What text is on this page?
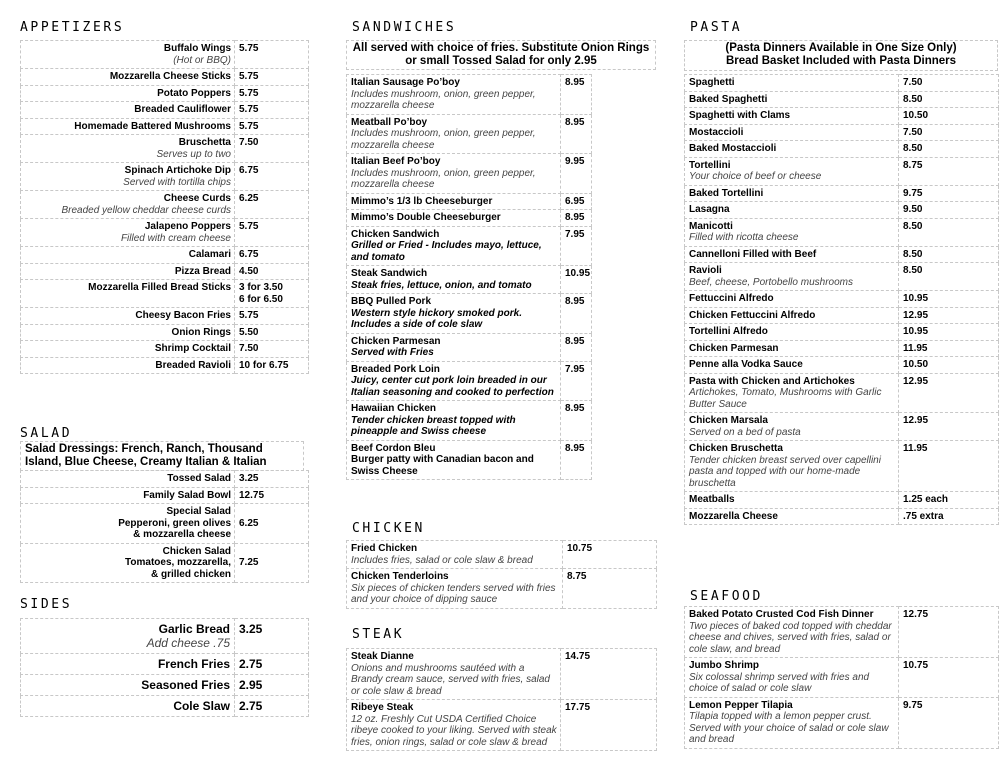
APPETIZERS
Buffalo Wings
(Hot or BBQ)	5.75

Mozzarella Cheese Sticks	5.75

Potato Poppers	5.75

Breaded Cauliflower	5.75

Homemade Battered Mushrooms	5.75

Bruschetta
Serves up to two	7.50

Spinach Artichoke Dip
Served with tortilla chips	6.75

Cheese Curds
Breaded yellow cheddar cheese curds	6.25

Jalapeno Poppers
Filled with cream cheese	5.75

Calamari	6.75

Pizza Bread	4.50

Mozzarella Filled Bread Sticks	3 for 3.50
6 for 6.50

Cheesy Bacon Fries	5.75

Onion Rings	5.50

Shrimp Cocktail	7.50

Breaded Ravioli	10 for 6.75
SALAD
Salad Dressings: French, Ranch, Thousand Island, Blue Cheese, Creamy Italian & Italian
Tossed Salad	3.25

Family Salad Bowl	12.75

Special Salad
Pepperoni, green olives
& mozzarella cheese	6.25

Chicken Salad
Tomatoes, mozzarella,
& grilled chicken	7.25
SIDES
Garlic Bread
Add cheese .75	3.25

French Fries	2.75

Seasoned Fries	2.95

Cole Slaw	2.75
SANDWICHES
All served with choice of fries. Substitute Onion Rings or small Tossed Salad for only 2.95
Italian Sausage Po’boy
Includes mushroom, onion, green pepper, mozzarella cheese	8.95

Meatball Po’boy
Includes mushroom, onion, green pepper, mozzarella cheese	8.95

Italian Beef Po’boy
Includes mushroom, onion, green pepper, mozzarella cheese	9.95

Mimmo’s 1/3 lb Cheeseburger	6.95

Mimmo’s Double Cheeseburger	8.95

Chicken Sandwich
Grilled or Fried - Includes mayo, lettuce, and tomato	7.95

Steak Sandwich
Steak fries, lettuce, onion, and tomato	10.95

BBQ Pulled Pork
Western style hickory smoked pork. Includes a side of cole slaw	8.95

Chicken Parmesan
Served with Fries	8.95

Breaded Pork Loin
Juicy, center cut pork loin breaded in our Italian seasoning and cooked to perfection	7.95

Hawaiian Chicken
Tender chicken breast topped with pineapple and Swiss cheese	8.95

Beef Cordon Bleu
Burger patty with Canadian bacon and Swiss Cheese	8.95
CHICKEN
Fried Chicken
Includes fries, salad or cole slaw & bread	10.75

Chicken Tenderloins
Six pieces of chicken tenders served with fries and your choice of dipping sauce	8.75
STEAK
Steak Dianne
Onions and mushrooms sautéed with a Brandy cream sauce, served with fries, salad or cole slaw & bread	14.75

Ribeye Steak
12 oz. Freshly Cut USDA Certified Choice ribeye cooked to your liking. Served with steak fries, onion rings, salad or cole slaw & bread	17.75
PASTA
(Pasta Dinners Available in One Size Only)
Bread Basket Included with Pasta Dinners
Spaghetti	7.50

Baked Spaghetti	8.50

Spaghetti with Clams	10.50

Mostaccioli	7.50

Baked Mostaccioli	8.50

Tortellini
Your choice of beef or cheese	8.75

Baked Tortellini	9.75

Lasagna	9.50

Manicotti
Filled with ricotta cheese	8.50

Cannelloni Filled with Beef	8.50

Ravioli
Beef, cheese, Portobello mushrooms	8.50

Fettuccini Alfredo	10.95

Chicken Fettuccini Alfredo	12.95

Tortellini Alfredo	10.95

Chicken Parmesan	11.95

Penne alla Vodka Sauce	10.50

Pasta with Chicken and Artichokes
Artichokes, Tomato, Mushrooms with Garlic Butter Sauce	12.95

Chicken Marsala
Served on a bed of pasta	12.95

Chicken Bruschetta
Tender chicken breast served over capellini pasta and topped with our home-made bruschetta	11.95

Meatballs	1.25 each

Mozzarella Cheese	.75 extra
SEAFOOD
Baked Potato Crusted Cod Fish Dinner
Two pieces of baked cod topped with cheddar cheese and chives, served with fries, salad or cole slaw, and bread	12.75

Jumbo Shrimp
Six colossal shrimp served with fries and choice of salad or cole slaw	10.75

Lemon Pepper Tilapia
Tilapia topped with a lemon pepper crust. Served with your choice of salad or cole slaw and bread	9.75
